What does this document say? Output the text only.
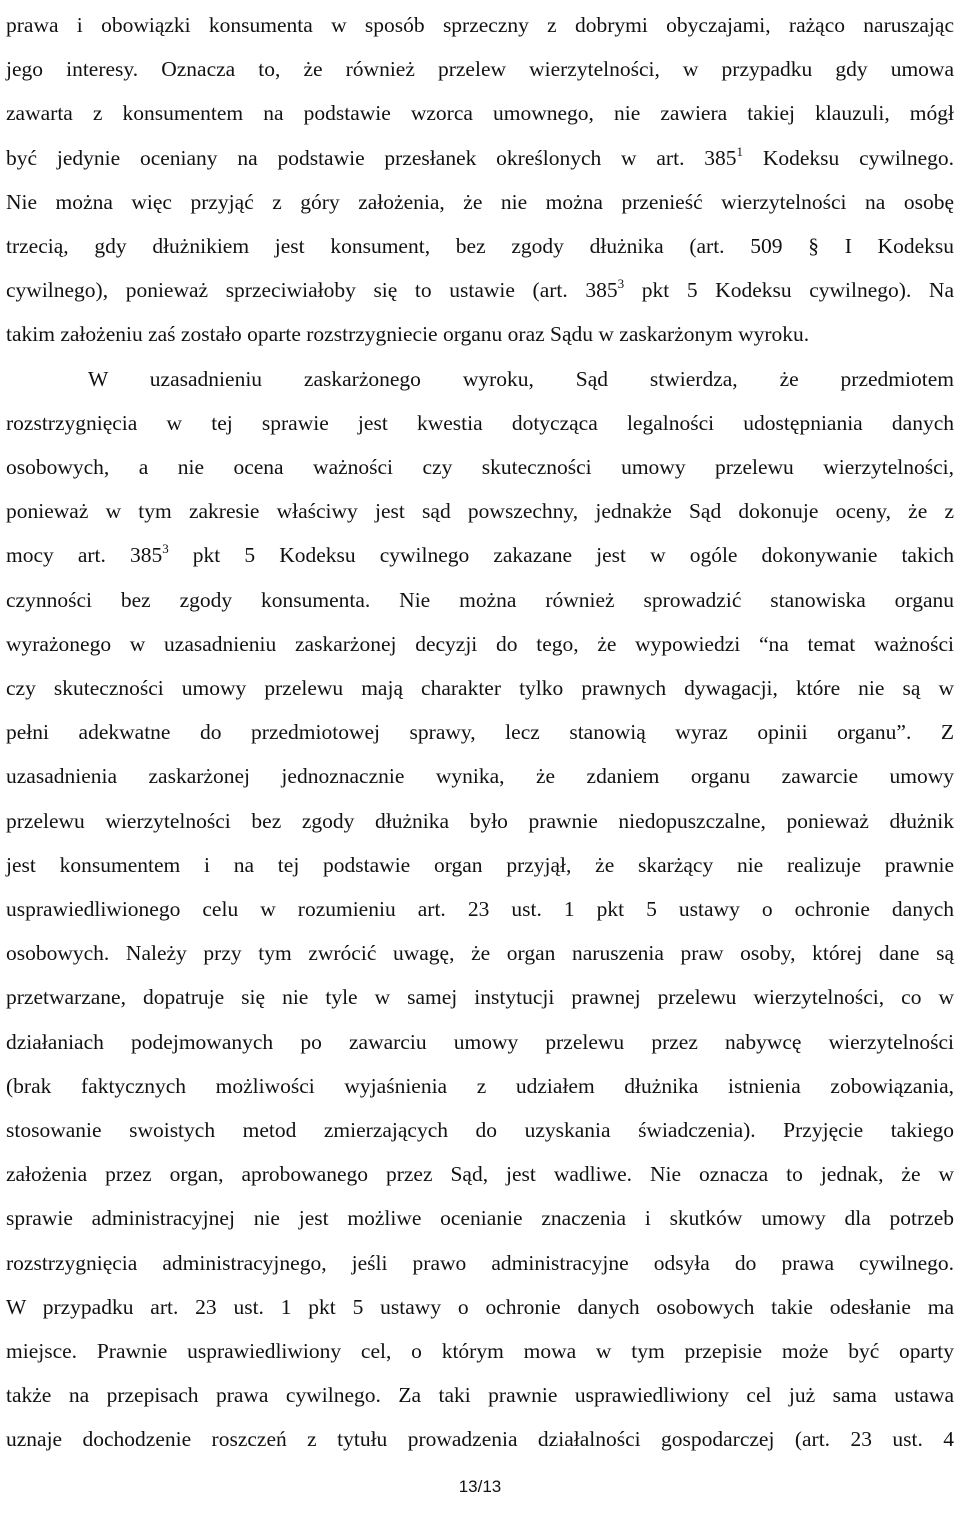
13/13
prawa i obowiązki konsumenta w sposób sprzeczny z dobrymi obyczajami, rażąco naruszając
jego interesy. Oznacza to, że również przelew wierzytelności, w przypadku gdy umowa
zawarta z konsumentem na podstawie wzorca umownego, nie zawiera takiej klauzuli, mógł
być jedynie oceniany na podstawie przesłanek określonych w art. $385^1$ Kodeksu cywilnego.
Nie można więc przyjąć z góry założenia, że nie można przenieść wierzytelności na osobę
trzecią, gdy dłużnikiem jest konsument, bez zgody dłużnika (art. 509 § I Kodeksu
cywilnego), ponieważ sprzeciwiałoby się to ustawie (art. $385^3$ pkt 5 Kodeksu cywilnego). Na
takim założeniu zaś zostało oparte rozstrzygniecie organu oraz Sądu w zaskarżonym wyroku.
W uzasadnieniu zaskarżonego wyroku, Sąd stwierdza, że przedmiotem
rozstrzygnięcia w tej sprawie jest kwestia dotycząca legalności udostępniania danych
osobowych, a nie ocena ważności czy skuteczności umowy przelewu wierzytelności,
ponieważ w tym zakresie właściwy jest sąd powszechny, jednakże Sąd dokonuje oceny, że z
mocy art. $385^3$ pkt 5 Kodeksu cywilnego zakazane jest w ogóle dokonywanie takich
czynności bez zgody konsumenta. Nie można również sprowadzić stanowiska organu
wyrażonego w uzasadnieniu zaskarżonej decyzji do tego, że wypowiedzi “na temat ważności
czy skuteczności umowy przelewu mają charakter tylko prawnych dywagacji, które nie są w
pełni adekwatne do przedmiotowej sprawy, lecz stanowią wyraz opinii organu”. Z
uzasadnienia zaskarżonej jednoznacznie wynika, że zdaniem organu zawarcie umowy
przelewu wierzytelności bez zgody dłużnika było prawnie niedopuszczalne, ponieważ dłużnik
jest konsumentem i na tej podstawie organ przyjął, że skarżący nie realizuje prawnie
usprawiedliwionego celu w rozumieniu art. 23 ust. 1 pkt 5 ustawy o ochronie danych
osobowych. Należy przy tym zwrócić uwagę, że organ naruszenia praw osoby, której dane są
przetwarzane, dopatruje się nie tyle w samej instytucji prawnej przelewu wierzytelności, co w
działaniach podejmowanych po zawarciu umowy przelewu przez nabywcę wierzytelności
(brak faktycznych możliwości wyjaśnienia z udziałem dłużnika istnienia zobowiązania,
stosowanie swoistych metod zmierzających do uzyskania świadczenia). Przyjęcie takiego
założenia przez organ, aprobowanego przez Sąd, jest wadliwe. Nie oznacza to jednak, że w
sprawie administracyjnej nie jest możliwe ocenianie znaczenia i skutków umowy dla potrzeb
rozstrzygnięcia administracyjnego, jeśli prawo administracyjne odsyła do prawa cywilnego.
W przypadku art. 23 ust. 1 pkt 5 ustawy o ochronie danych osobowych takie odesłanie ma
miejsce. Prawnie usprawiedliwiony cel, o którym mowa w tym przepisie może być oparty
także na przepisach prawa cywilnego. Za taki prawnie usprawiedliwiony cel już sama ustawa
uznaje dochodzenie roszczeń z tytułu prowadzenia działalności gospodarczej (art. 23 ust. 4
